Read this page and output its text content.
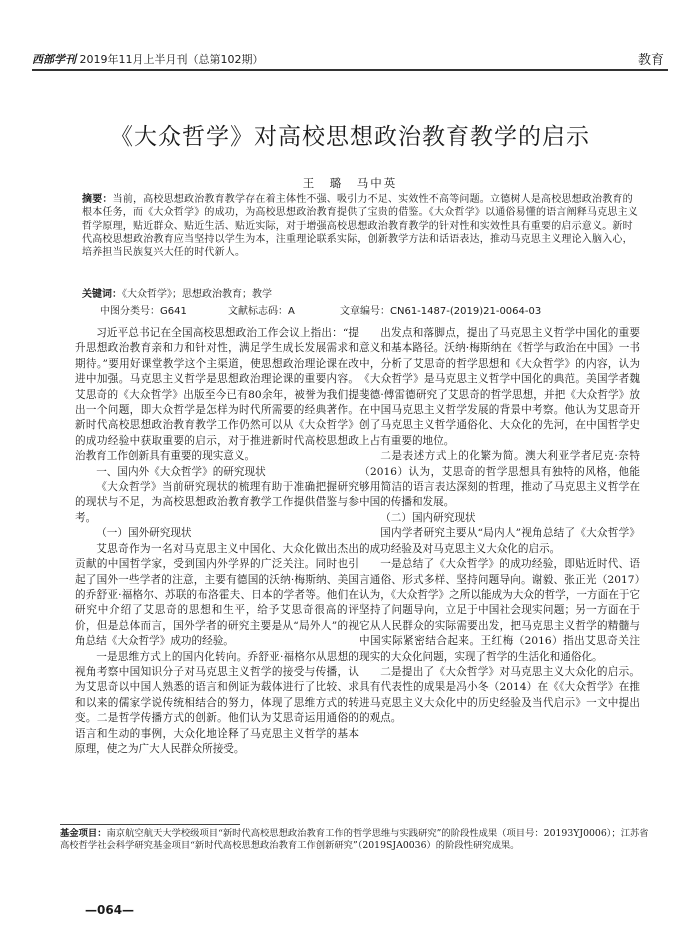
西部学刊 2019年11月上半月刊（总第102期）	教育
《大众哲学》对高校思想政治教育教学的启示
王　璐　马中英
摘要：当前，高校思想政治教育教学存在着主体性不强、吸引力不足、实效性不高等问题。立德树人是高校思想政治教育的根本任务，而《大众哲学》的成功，为高校思想政治教育提供了宝贵的借鉴。《大众哲学》以通俗易懂的语言阐释马克思主义哲学原理，贴近群众、贴近生活、贴近实际，对于增强高校思想政治教育教学的针对性和实效性具有重要的启示意义。新时代高校思想政治教育应当坚持以学生为本，注重理论联系实际，创新教学方法和话语表达，推动马克思主义理论入脑入心，培养担当民族复兴大任的时代新人。
关键词：《大众哲学》；思想政治教育；教学
中图分类号：G641	文献标志码：A	文章编号：CN61-1487-(2019)21-0064-03

习近平总书记在全国高校思想政治工作会议上指出：“提升思想政治教育亲和力和针对性，满足学生成长发展需求和期待。”要用好课堂教学这个主渠道，使思想政治理论课在改进中加强。马克思主义哲学是思想政治理论课的重要内容。艾思奇的《大众哲学》出版至今已有80余年，被誉为我们提出一个问题，即大众哲学是怎样为时代所需要的经典著作。新时代高校思想政治教育教学工作仍然可以从《大众哲学》的成功经验中获取重要的启示，对于推进新时代高校思想政治教育工作创新具有重要的现实意义。

一、国内外《大众哲学》的研究现状

《大众哲学》当前研究现状的梳理有助于准确把握研究的现状与不足，为高校思想政治教育教学工作提供借鉴与参考。

（一）国外研究现状

艾思奇作为一名对马克思主义中国化、大众化做出杰出贡献的中国哲学家，受到国内外学界的广泛关注。同时也引起了国外一些学者的注意，主要有德国的沃纳·梅斯纳、美国的乔舒亚·福格尔、苏联的布洛霍夫、日本的学者等。他们在研究中介绍了艾思奇的思想和生平，给予艾思奇很高的评价，但是总体而言，国外学者的研究主要是从“局外人”的视角总结《大众哲学》成功的经验。

一是思维方式上的国内化转向。乔舒亚·福格尔从思想的视角考察中国知识分子对马克思主义哲学的接受与传播，认为艾思奇以中国人熟悉的语言和例证为载体进行了比较、求和以来的儒家学说传统相结合的努力，体现了思维方式的转变。二是哲学传播方式的创新。他们认为艾思奇运用通俗的语言和生动的事例，大众化地诠释了马克思主义哲学的基本原理，使之为广大人民群众所接受。

出发点和落脚点，提出了马克思主义哲学中国化的重要意义和基本路径。沃纳·梅斯纳在《哲学与政治在中国》一书中，分析了艾思奇的哲学思想和《大众哲学》的内容，认为《大众哲学》是马克思主义哲学中国化的典范。美国学者魏斐德·傅雷德研究了艾思奇的哲学思想，并把《大众哲学》放在中国马克思主义哲学发展的背景中考察。他认为艾思奇开创了马克思主义哲学通俗化、大众化的先河，在中国哲学史上占有重要的地位。

二是表述方式上的化繁为简。澳大利亚学者尼克·奈特（2016）认为，艾思奇的哲学思想具有独特的风格，他能够用简洁的语言表达深刻的哲理，推动了马克思主义哲学在中国的传播和发展。

（二）国内研究现状

国内学者研究主要从“局内人”视角总结了《大众哲学》的成功经验及对马克思主义大众化的启示。

一是总结了《大众哲学》的成功经验，即贴近时代、语言通俗、形式多样、坚持问题导向。谢毅、张正光（2017）认为，《大众哲学》之所以能成为大众的哲学，一方面在于它坚持了问题导向，立足于中国社会现实问题；另一方面在于它从人民群众的实际需要出发，把马克思主义哲学的精髓与中国实际紧密结合起来。王红梅（2016）指出艾思奇关注现实的大众化问题，实现了哲学的生活化和通俗化。

二是提出了《大众哲学》对马克思主义大众化的启示。具有代表性的成果是冯小冬（2014）在《《大众哲学》在推进马克思主义大众化中的历史经验及当代启示》一文中提出的观点。

基金项目：南京航空航天大学校级项目“新时代高校思想政治教育工作的哲学思维与实践研究”的阶段性成果（项目号：20193YJ0006）；江苏省高校哲学社会科学研究基金项目“新时代高校思想政治教育工作创新研究”（2019SJA0036）的阶段性研究成果。
—064—
